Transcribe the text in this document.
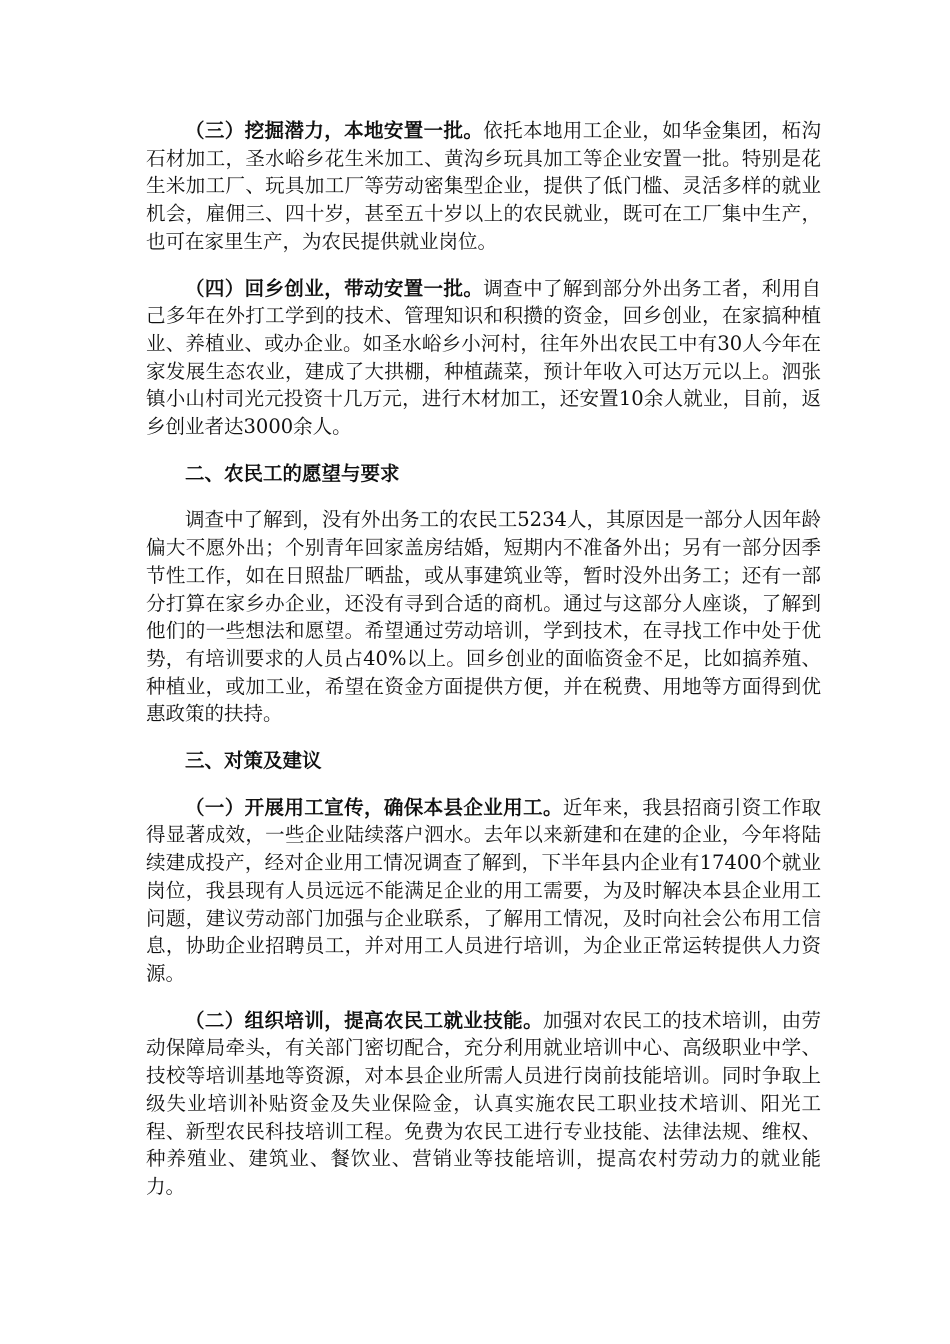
（三）挖掘潜力，本地安置一批。依托本地用工企业，如华金集团，柘沟石材加工，圣水峪乡花生米加工、黄沟乡玩具加工等企业安置一批。特别是花生米加工厂、玩具加工厂等劳动密集型企业，提供了低门槛、灵活多样的就业机会，雇佣三、四十岁，甚至五十岁以上的农民就业，既可在工厂集中生产，也可在家里生产，为农民提供就业岗位。

（四）回乡创业，带动安置一批。调查中了解到部分外出务工者，利用自己多年在外打工学到的技术、管理知识和积攒的资金，回乡创业，在家搞种植业、养植业、或办企业。如圣水峪乡小河村，往年外出农民工中有30人今年在家发展生态农业，建成了大拱棚，种植蔬菜，预计年收入可达万元以上。泗张镇小山村司光元投资十几万元，进行木材加工，还安置10余人就业，目前，返乡创业者达3000余人。

二、农民工的愿望与要求

调查中了解到，没有外出务工的农民工5234人，其原因是一部分人因年龄偏大不愿外出；个别青年回家盖房结婚，短期内不准备外出；另有一部分因季节性工作，如在日照盐厂晒盐，或从事建筑业等，暂时没外出务工；还有一部分打算在家乡办企业，还没有寻到合适的商机。通过与这部分人座谈，了解到他们的一些想法和愿望。希望通过劳动培训，学到技术，在寻找工作中处于优势，有培训要求的人员占40%以上。回乡创业的面临资金不足，比如搞养殖、种植业，或加工业，希望在资金方面提供方便，并在税费、用地等方面得到优惠政策的扶持。

三、对策及建议

（一）开展用工宣传，确保本县企业用工。近年来，我县招商引资工作取得显著成效，一些企业陆续落户泗水。去年以来新建和在建的企业，今年将陆续建成投产，经对企业用工情况调查了解到，下半年县内企业有17400个就业岗位，我县现有人员远远不能满足企业的用工需要，为及时解决本县企业用工问题，建议劳动部门加强与企业联系，了解用工情况，及时向社会公布用工信息，协助企业招聘员工，并对用工人员进行培训，为企业正常运转提供人力资源。

（二）组织培训，提高农民工就业技能。加强对农民工的技术培训，由劳动保障局牵头，有关部门密切配合，充分利用就业培训中心、高级职业中学、技校等培训基地等资源，对本县企业所需人员进行岗前技能培训。同时争取上级失业培训补贴资金及失业保险金，认真实施农民工职业技术培训、阳光工程、新型农民科技培训工程。免费为农民工进行专业技能、法律法规、维权、种养殖业、建筑业、餐饮业、营销业等技能培训，提高农村劳动力的就业能力。
